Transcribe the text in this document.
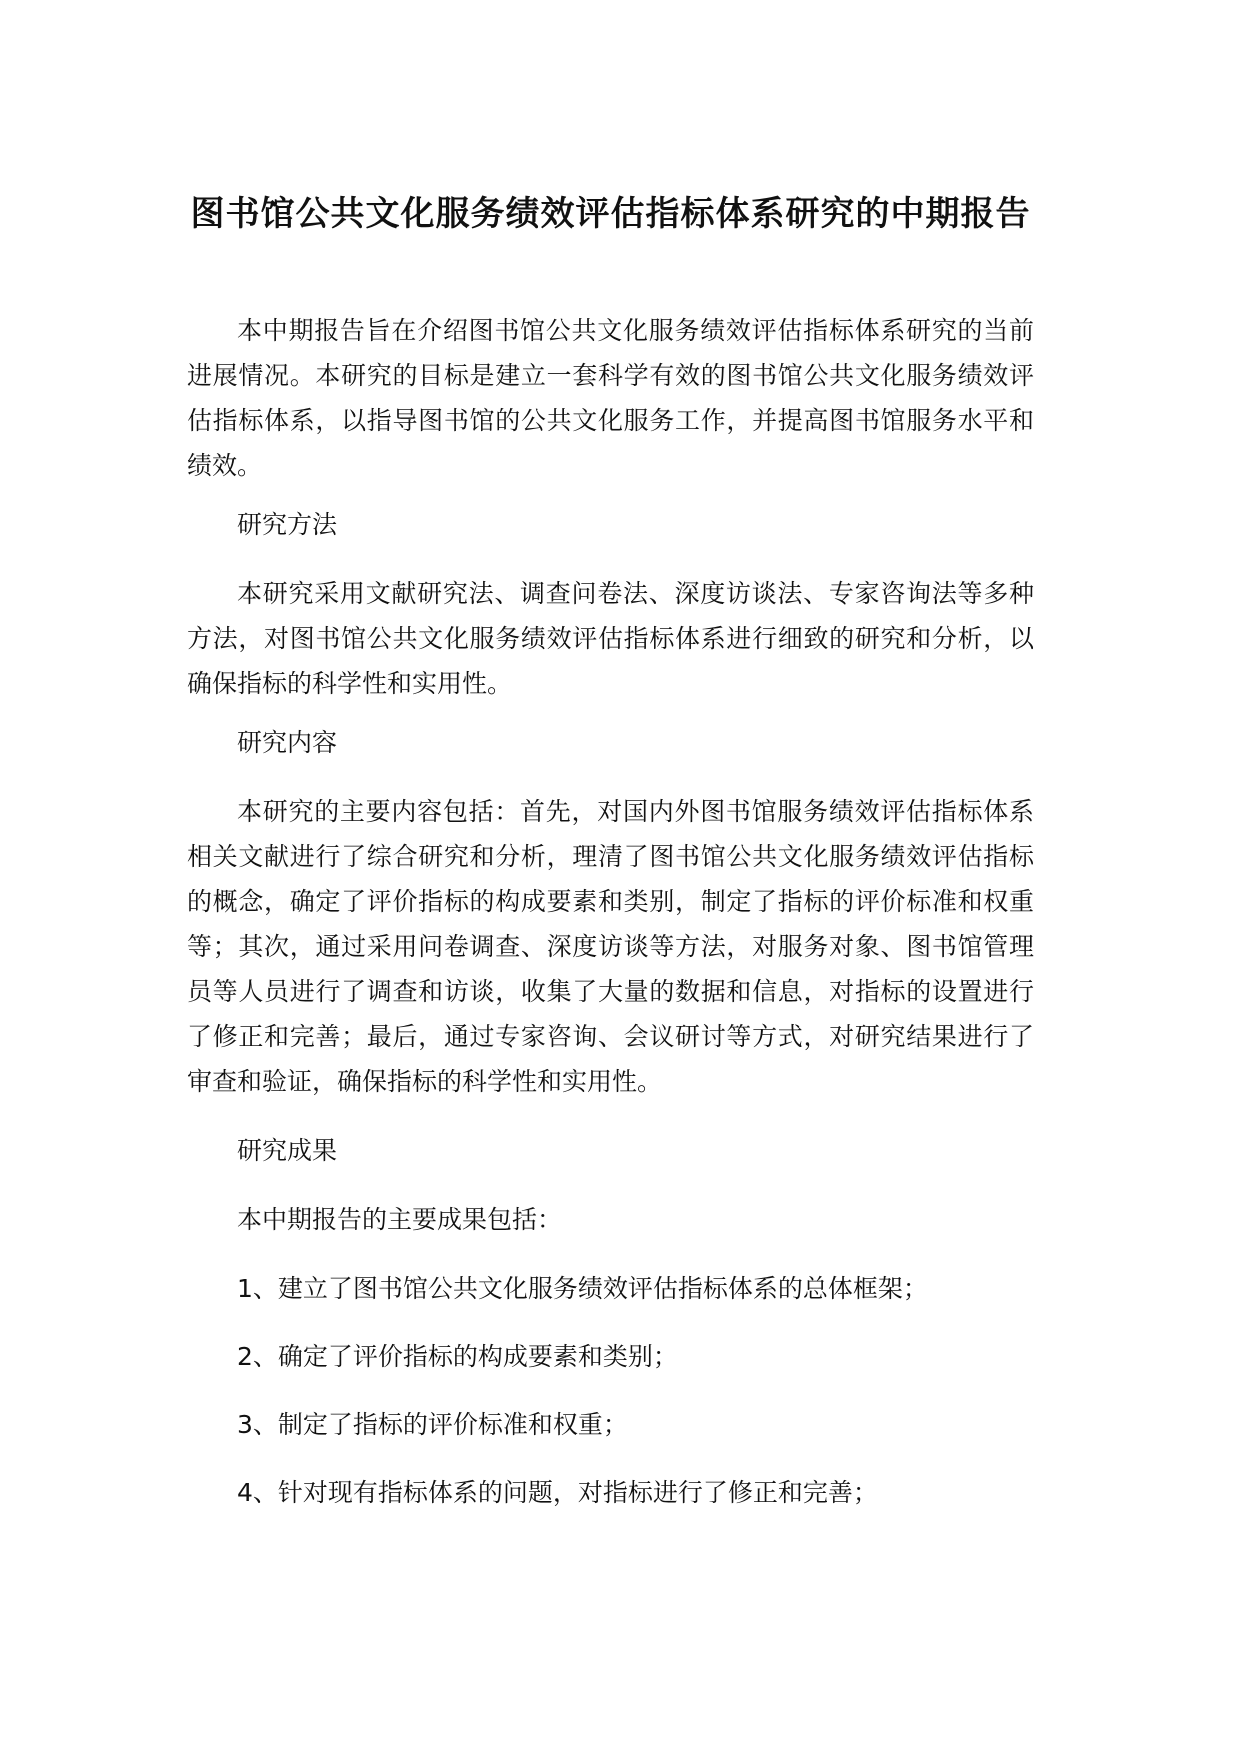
图书馆公共文化服务绩效评估指标体系研究的中期报告

本中期报告旨在介绍图书馆公共文化服务绩效评估指标体系研究的当前进展情况。本研究的目标是建立一套科学有效的图书馆公共文化服务绩效评估指标体系，以指导图书馆的公共文化服务工作，并提高图书馆服务水平和绩效。

研究方法

本研究采用文献研究法、调查问卷法、深度访谈法、专家咨询法等多种方法，对图书馆公共文化服务绩效评估指标体系进行细致的研究和分析，以确保指标的科学性和实用性。

研究内容

本研究的主要内容包括：首先，对国内外图书馆服务绩效评估指标体系相关文献进行了综合研究和分析，理清了图书馆公共文化服务绩效评估指标的概念，确定了评价指标的构成要素和类别，制定了指标的评价标准和权重等；其次，通过采用问卷调查、深度访谈等方法，对服务对象、图书馆管理员等人员进行了调查和访谈，收集了大量的数据和信息，对指标的设置进行了修正和完善；最后，通过专家咨询、会议研讨等方式，对研究结果进行了审查和验证，确保指标的科学性和实用性。

研究成果

本中期报告的主要成果包括：

1、建立了图书馆公共文化服务绩效评估指标体系的总体框架；

2、确定了评价指标的构成要素和类别；

3、制定了指标的评价标准和权重；

4、针对现有指标体系的问题，对指标进行了修正和完善；
